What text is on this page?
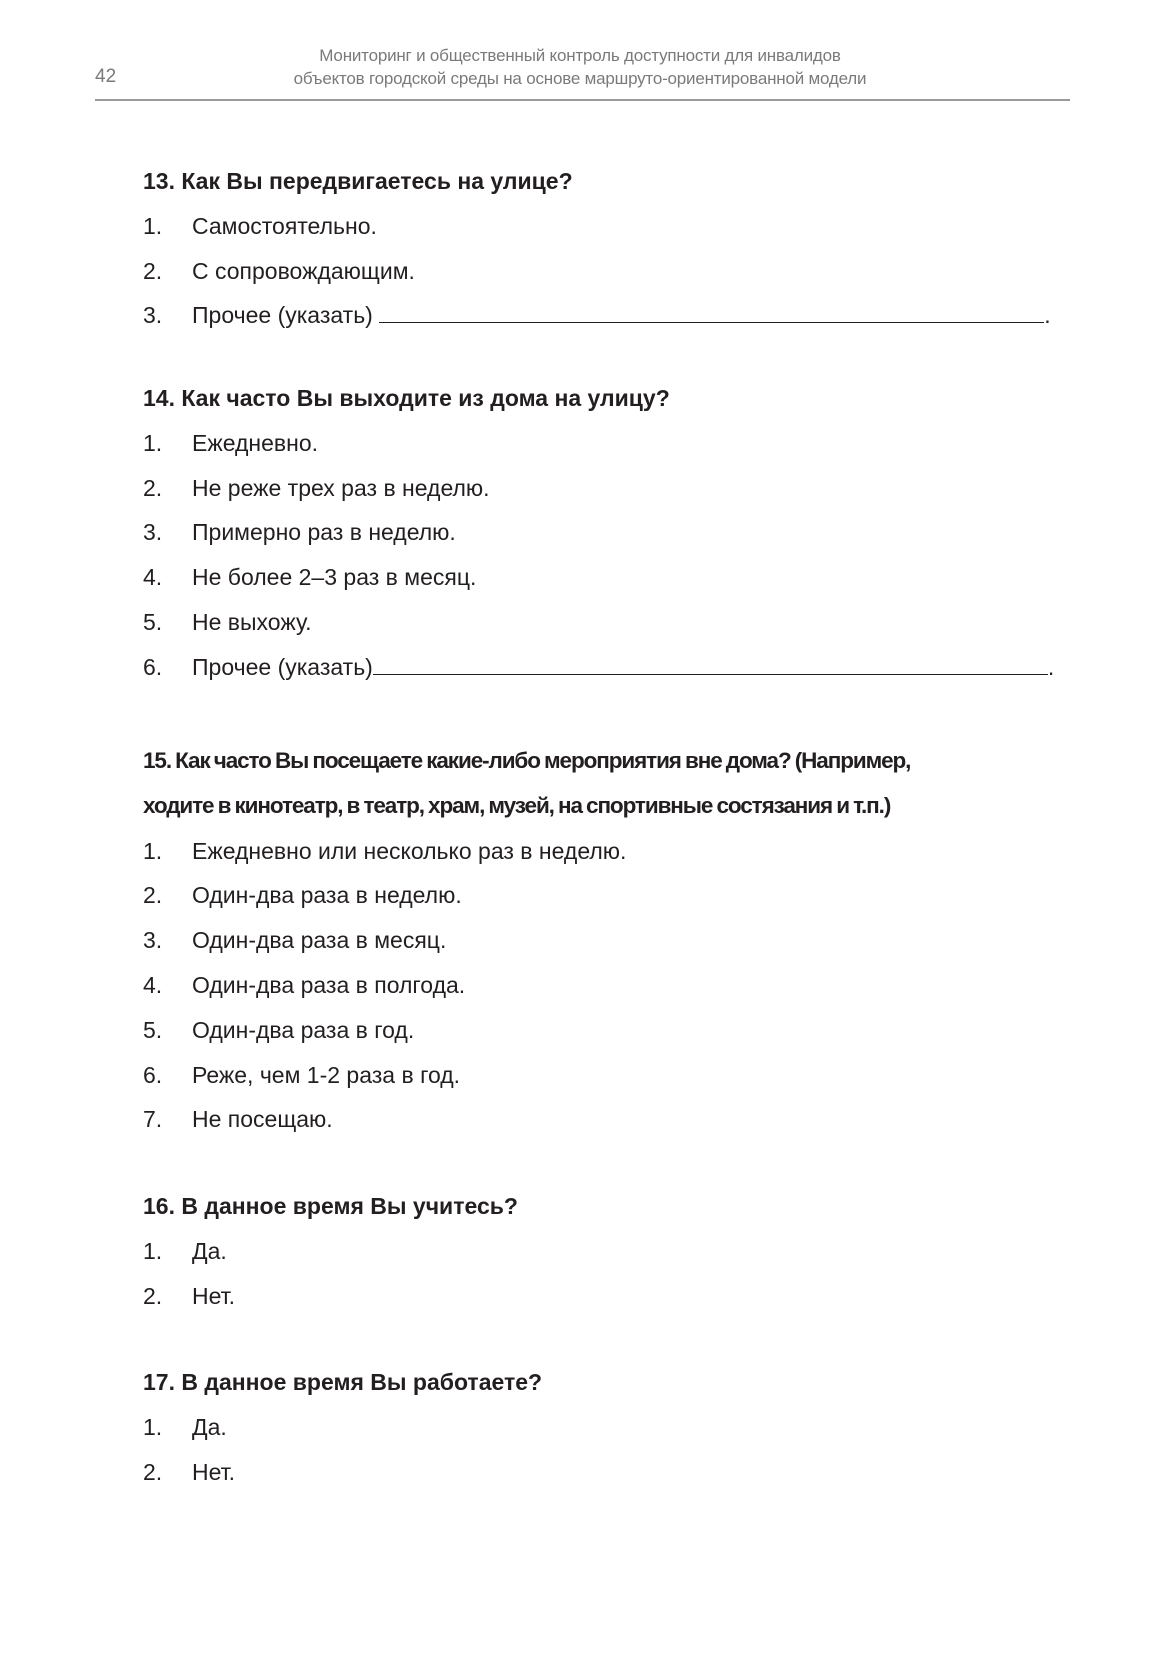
42
Мониторинг и общественный контроль доступности для инвалидов
объектов городской среды на основе маршруто-ориентированной модели
13. Как Вы передвигаетесь на улице?
1. Самостоятельно.
2. С сопровождающим.
3. Прочее (указать)	.
14. Как часто Вы выходите из дома на улицу?
1. Ежедневно.
2. Не реже трех раз в неделю.
3. Примерно раз в неделю.
4. Не более 2–3 раз в месяц.
5. Не выхожу.
6. Прочее (указать)	.
15. Как часто Вы посещаете какие-либо мероприятия вне дома? (Например,
ходите в кинотеатр, в театр, храм, музей, на спортивные состязания и т.п.)
1. Ежедневно или несколько раз в неделю.
2. Один-два раза в неделю.
3. Один-два раза в месяц.
4. Один-два раза в полгода.
5. Один-два раза в год.
6. Реже, чем 1-2 раза в год.
7. Не посещаю.
16. В данное время Вы учитесь?
1. Да.
2. Нет.
17. В данное время Вы работаете?
1. Да.
2. Нет.
